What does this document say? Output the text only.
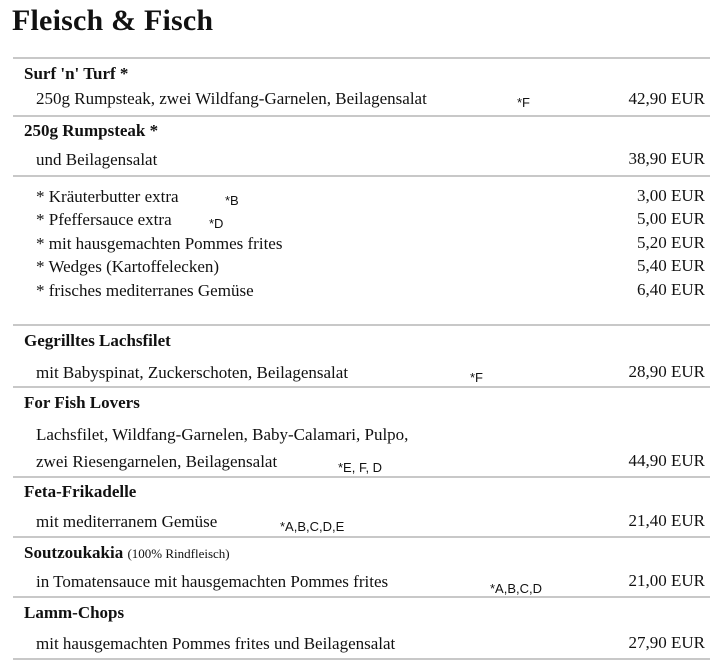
Fleisch & Fisch
Surf 'n' Turf *
250g Rumpsteak, zwei Wildfang-Garnelen, Beilagensalat	*F	42,90 EUR
250g Rumpsteak *
und Beilagensalat	38,90 EUR
* Kräuterbutter extra	*B	3,00 EUR
* Pfeffersauce extra	*D	5,00 EUR
* mit hausgemachten Pommes frites	5,20 EUR
* Wedges (Kartoffelecken)	5,40 EUR
* frisches mediterranes Gemüse	6,40 EUR
Gegrilltes Lachsfilet
mit Babyspinat, Zuckerschoten, Beilagensalat	*F	28,90 EUR
For Fish Lovers
Lachsfilet, Wildfang-Garnelen, Baby-Calamari, Pulpo,
zwei Riesengarnelen, Beilagensalat	*E, F, D	44,90 EUR
Feta-Frikadelle
mit mediterranem Gemüse	*A,B,C,D,E	21,40 EUR
Soutzoukakia (100% Rindfleisch)
in Tomatensauce mit hausgemachten Pommes frites	*A,B,C,D	21,00 EUR
Lamm-Chops
mit hausgemachten Pommes frites und Beilagensalat	27,90 EUR
